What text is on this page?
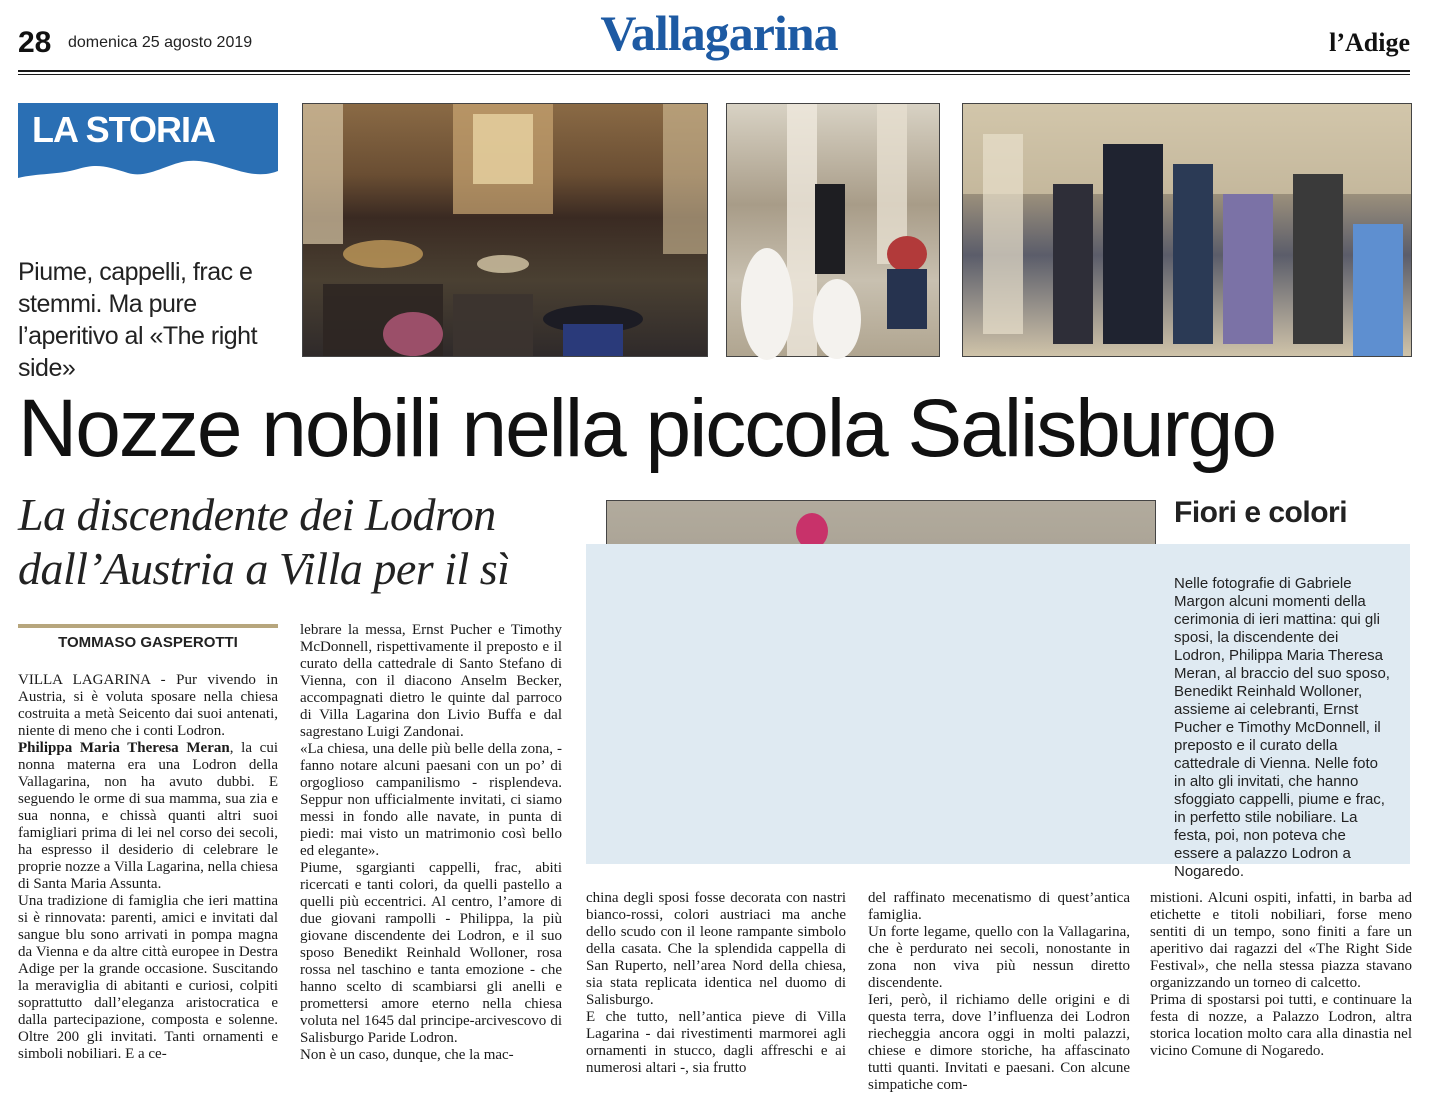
28 domenica 25 agosto 2019	Vallagarina	l’Adige
LA STORIA
Piume, cappelli, frac e stemmi. Ma pure l’aperitivo al «The right side»
Nozze nobili nella piccola Salisburgo
La discendente dei Lodron dall’Austria a Villa per il sì
TOMMASO GASPEROTTI
Fiori e colori
Nelle fotografie di Gabriele Margon alcuni momenti della cerimonia di ieri mattina: qui gli sposi, la discendente dei Lodron, Philippa Maria Theresa Meran, al braccio del suo sposo, Benedikt Reinhald Wolloner, assieme ai celebranti, Ernst Pucher e Timothy McDonnell, il preposto e il curato della cattedrale di Vienna. Nelle foto in alto gli invitati, che hanno sfoggiato cappelli, piume e frac, in perfetto stile nobiliare. La festa, poi, non poteva che essere a palazzo Lodron a Nogaredo.

VILLA LAGARINA - Pur vivendo in Austria, si è voluta sposare nella chiesa costruita a metà Seicento dai suoi antenati, niente di meno che i conti Lodron.

Philippa Maria Theresa Meran, la cui nonna materna era una Lodron della Vallagarina, non ha avuto dubbi. E seguendo le orme di sua mamma, sua zia e sua nonna, e chissà quanti altri suoi famigliari prima di lei nel corso dei secoli, ha espresso il desiderio di celebrare le proprie nozze a Villa Lagarina, nella chiesa di Santa Maria Assunta.

Una tradizione di famiglia che ieri mattina si è rinnovata: parenti, amici e invitati dal sangue blu sono arrivati in pompa magna da Vienna e da altre città europee in Destra Adige per la grande occasione. Suscitando la meraviglia di abitanti e curiosi, colpiti soprattutto dall’eleganza aristocratica e dalla partecipazione, composta e solenne. Oltre 200 gli invitati. Tanti ornamenti e simboli nobiliari. E a ce-

lebrare la messa, Ernst Pucher e Timothy McDonnell, rispettivamente il preposto e il curato della cattedrale di Santo Stefano di Vienna, con il diacono Anselm Becker, accompagnati dietro le quinte dal parroco di Villa Lagarina don Livio Buffa e dal sagrestano Luigi Zandonai.

«La chiesa, una delle più belle della zona, - fanno notare alcuni paesani con un po’ di orgoglioso campanilismo - risplendeva. Seppur non ufficialmente invitati, ci siamo messi in fondo alle navate, in punta di piedi: mai visto un matrimonio così bello ed elegante».

Piume, sgargianti cappelli, frac, abiti ricercati e tanti colori, da quelli pastello a quelli più eccentrici. Al centro, l’amore di due giovani rampolli - Philippa, la più giovane discendente dei Lodron, e il suo sposo Benedikt Reinhald Wolloner, rosa rossa nel taschino e tanta emozione - che hanno scelto di scambiarsi gli anelli e promettersi amore eterno nella chiesa voluta nel 1645 dal principe-arcivescovo di Salisburgo Paride Lodron.

Non è un caso, dunque, che la mac-

china degli sposi fosse decorata con nastri bianco-rossi, colori austriaci ma anche dello scudo con il leone rampante simbolo della casata. Che la splendida cappella di San Ruperto, nell’area Nord della chiesa, sia stata replicata identica nel duomo di Salisburgo.

E che tutto, nell’antica pieve di Villa Lagarina - dai rivestimenti marmorei agli ornamenti in stucco, dagli affreschi e ai numerosi altari -, sia frutto

del raffinato mecenatismo di quest’antica famiglia.

Un forte legame, quello con la Vallagarina, che è perdurato nei secoli, nonostante in zona non viva più nessun diretto discendente.

Ieri, però, il richiamo delle origini e di questa terra, dove l’influenza dei Lodron riecheggia ancora oggi in molti palazzi, chiese e dimore storiche, ha affascinato tutti quanti. Invitati e paesani. Con alcune simpatiche com-

mistioni. Alcuni ospiti, infatti, in barba ad etichette e titoli nobiliari, forse meno sentiti di un tempo, sono finiti a fare un aperitivo dai ragazzi del «The Right Side Festival», che nella stessa piazza stavano organizzando un torneo di calcetto.

Prima di spostarsi poi tutti, e continuare la festa di nozze, a Palazzo Lodron, altra storica location molto cara alla dinastia nel vicino Comune di Nogaredo.
